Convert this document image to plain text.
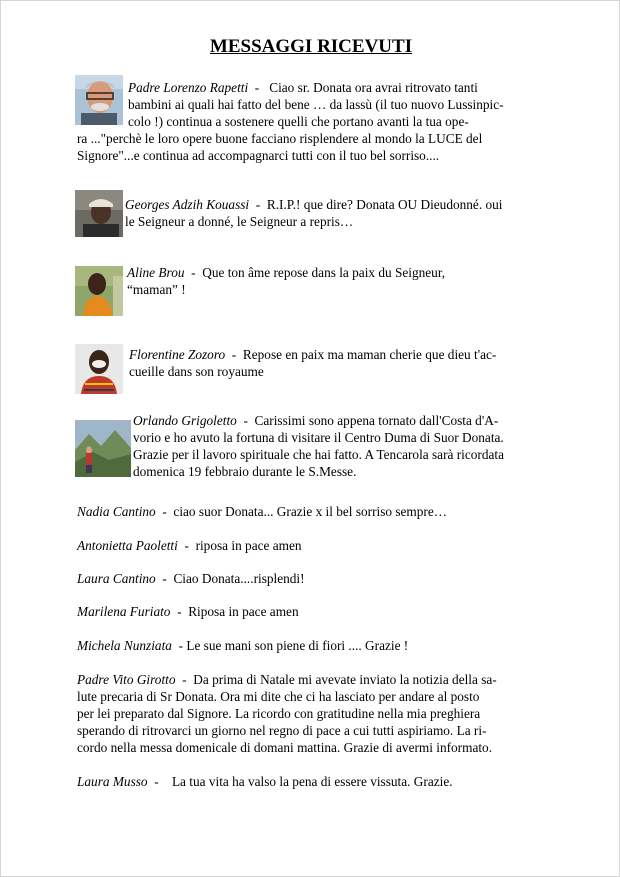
MESSAGGI RICEVUTI
Padre Lorenzo Rapetti  -   Ciao sr. Donata ora avrai ritrovato tanti
bambini ai quali hai fatto del bene … da lassù (il tuo nuovo Lussinpic-
colo !) continua a sostenere quelli che portano avanti la tua ope-
ra ..."perchè le loro opere buone facciano risplendere al mondo la LUCE del
Signore"...e continua ad accompagnarci tutti con il tuo bel sorriso....
Georges Adzih Kouassi  -  R.I.P.! que dire? Donata OU Dieudonné. oui
le Seigneur a donné, le Seigneur a repris…
Aline Brou  -  Que ton âme repose dans la paix du Seigneur,
“maman” !
Florentine Zozoro  -  Repose en paix ma maman cherie que dieu t'ac-
cueille dans son royaume
Orlando Grigoletto  -  Carissimi sono appena tornato dall'Costa d'A-
vorio e ho avuto la fortuna di visitare il Centro Duma di Suor Donata.
Grazie per il lavoro spirituale che hai fatto. A Tencarola sarà ricordata
domenica 19 febbraio durante le S.Messe.
Nadia Cantino  -  ciao suor Donata... Grazie x il bel sorriso sempre…
Antonietta Paoletti  -  riposa in pace amen
Laura Cantino  -  Ciao Donata....risplendi!
Marilena Furiato  -  Riposa in pace amen
Michela Nunziata  - Le sue mani son piene di fiori .... Grazie !
Padre Vito Girotto  -  Da prima di Natale mi avevate inviato la notizia della sa-
lute precaria di Sr Donata. Ora mi dite che ci ha lasciato per andare al posto
per lei preparato dal Signore. La ricordo con gratitudine nella mia preghiera
sperando di ritrovarci un giorno nel regno di pace a cui tutti aspiriamo. La ri-
cordo nella messa domenicale di domani mattina. Grazie di avermi informato.
Laura Musso  -    La tua vita ha valso la pena di essere vissuta. Grazie.
